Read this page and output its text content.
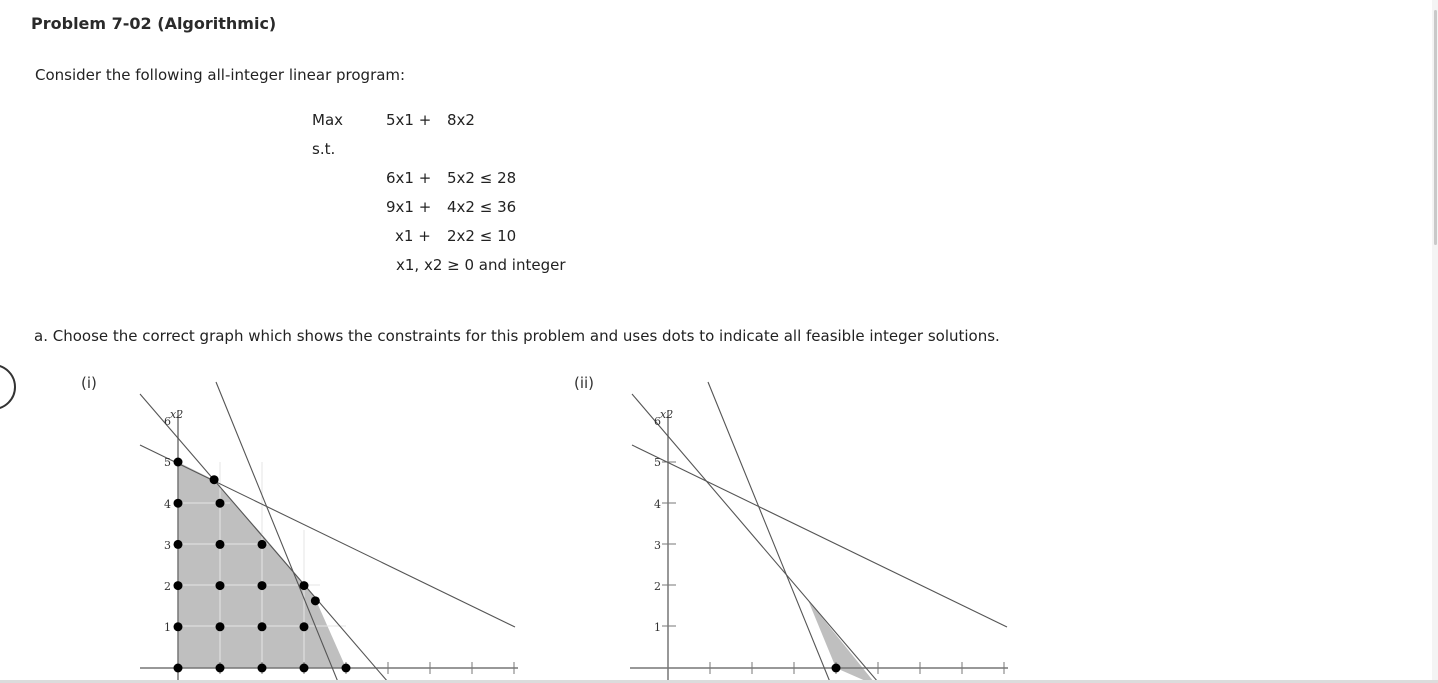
Problem 7-02 (Algorithmic)
Consider the following all-integer linear program:
Max	5x1 + 8x2
s.t.
6x1 + 5x2 ≤ 28
9x1 + 4x2 ≤ 36
x1 + 2x2 ≤ 10
x1, x2 ≥ 0 and integer
a. Choose the correct graph which shows the constraints for this problem and uses dots to indicate all feasible integer solutions.
(i)	(ii)
x2
1
2
3
4
5
6
x2
1
2
3
4
5
6
